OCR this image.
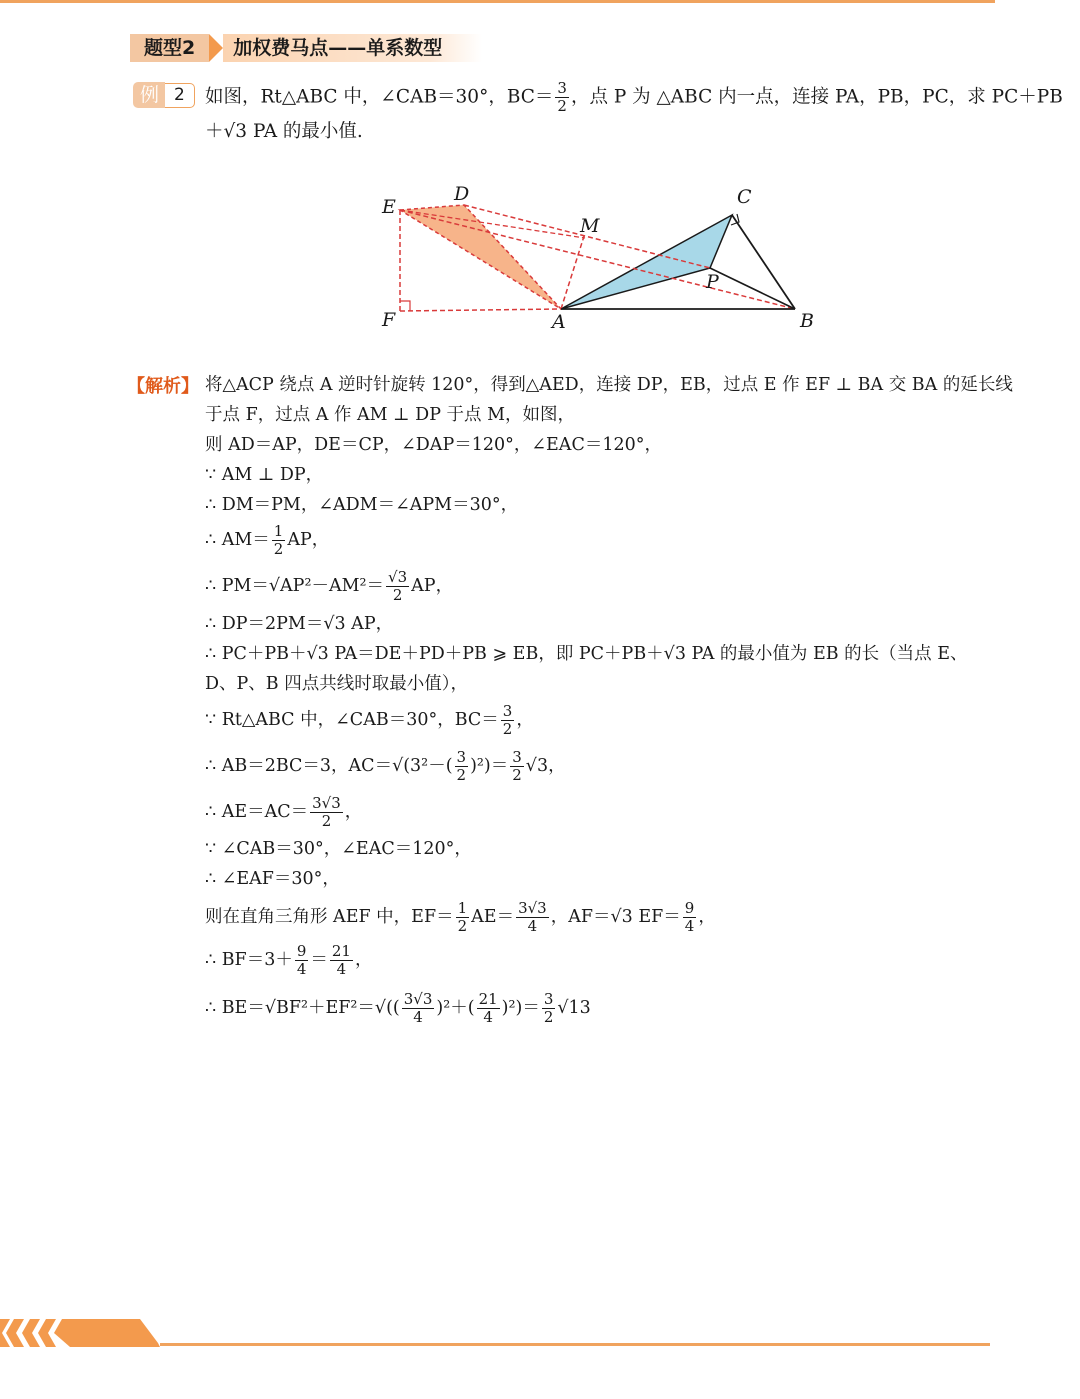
题型2	加权费马点——单系数型
例 2	如图，Rt△ABC 中，∠CAB＝30°，$BC= \frac{3}{2}$ ，点 P 为 △ABC 内一点，连接 PA，PB，PC，求 PC＋PB
＋√3 PA 的最小值.
E
D
M
C
P
F	A	B
【解析】 将△ACP 绕点 A 逆时针旋转 120°，得到△AED，连接 DP，EB，过点 E 作 EF ⊥ BA 交 BA 的延长线
于点 F，过点 A 作 AM ⊥ DP 于点 M，如图，
则 AD＝AP，DE＝CP，∠DAP＝120°，∠EAC＝120°，
∵ AM ⊥ DP，
∴ DM＝PM，∠ADM＝∠APM＝30°，
∴ $AM= \frac{1}{2}$ AP，
∴ $PM=√AP^2-AM^2= \frac{√3}{2}$ AP，
∴ DP＝2PM＝√3 AP，
∴ PC＋PB＋√3 PA＝DE＋PD＋PB ⩾ EB，即 PC＋PB＋√3 PA 的最小值为 EB 的长（当点 E、
D、P、B 四点共线时取最小值），
∵ Rt△ABC 中，∠CAB＝30°，$BC= \frac{3}{2}$ ，
∴ AB＝2BC＝3，$AC=√(3^2-( \frac{3}{2} )^2)= \frac{3}{2} √3$，
∴ $AE=AC= \frac{3√3}{2}$ ，
∵ ∠CAB＝30°，∠EAC＝120°，
∴ ∠EAF＝30°，
则在直角三角形 AEF 中，$EF= \frac{1}{2} AE= \frac{3√3}{4}$ ，AF＝√3 $EF= \frac{9}{4}$ ，
∴ $BF=3+ \frac{9}{4} = \frac{21}{4}$ ，
∴ $BE=√BF^2+EF^2=√(( \frac{3√3}{4} )^2+( \frac{21}{4} )^2)= \frac{3}{2} √13$
